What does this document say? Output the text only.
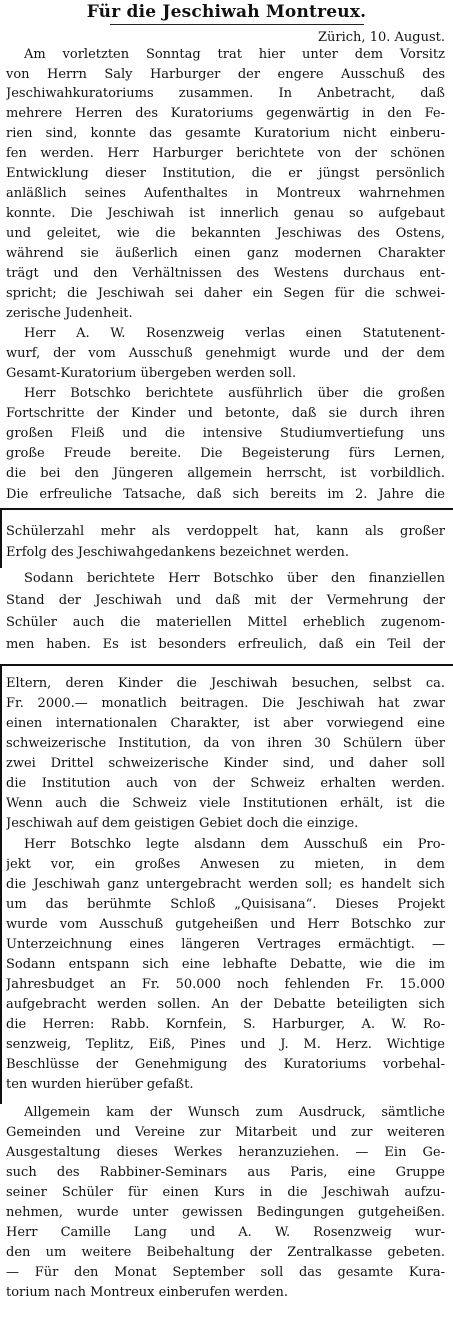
Für die Jeschiwah Montreux.
Zürich, 10. August.
Am vorletzten Sonntag trat hier unter dem Vorsitz
von Herrn Saly Harburger der engere Ausschuß des
Jeschiwahkuratoriums zusammen. In Anbetracht, daß
mehrere Herren des Kuratoriums gegenwärtig in den Fe-
rien sind, konnte das gesamte Kuratorium nicht einberu-
fen werden. Herr Harburger berichtete von der schönen
Entwicklung dieser Institution, die er jüngst persönlich
anläßlich seines Aufenthaltes in Montreux wahrnehmen
konnte. Die Jeschiwah ist innerlich genau so aufgebaut
und geleitet, wie die bekannten Jeschiwas des Ostens,
während sie äußerlich einen ganz modernen Charakter
trägt und den Verhältnissen des Westens durchaus ent-
spricht; die Jeschiwah sei daher ein Segen für die schwei-
zerische Judenheit.
Herr A. W. Rosenzweig verlas einen Statutenent-
wurf, der vom Ausschuß genehmigt wurde und der dem
Gesamt-Kuratorium übergeben werden soll.
Herr Botschko berichtete ausführlich über die großen
Fortschritte der Kinder und betonte, daß sie durch ihren
großen Fleiß und die intensive Studiumvertiefung uns
große Freude bereite. Die Begeisterung fürs Lernen,
die bei den Jüngeren allgemein herrscht, ist vorbildlich.
Die erfreuliche Tatsache, daß sich bereits im 2. Jahre die
Schülerzahl mehr als verdoppelt hat, kann als großer
Erfolg des Jeschiwahgedankens bezeichnet werden.
Sodann berichtete Herr Botschko über den finanziellen
Stand der Jeschiwah und daß mit der Vermehrung der
Schüler auch die materiellen Mittel erheblich zugenom-
men haben. Es ist besonders erfreulich, daß ein Teil der
Eltern, deren Kinder die Jeschiwah besuchen, selbst ca.
Fr. 2000.— monatlich beitragen. Die Jeschiwah hat zwar
einen internationalen Charakter, ist aber vorwiegend eine
schweizerische Institution, da von ihren 30 Schülern über
zwei Drittel schweizerische Kinder sind, und daher soll
die Institution auch von der Schweiz erhalten werden.
Wenn auch die Schweiz viele Institutionen erhält, ist die
Jeschiwah auf dem geistigen Gebiet doch die einzige.
Herr Botschko legte alsdann dem Ausschuß ein Pro-
jekt vor, ein großes Anwesen zu mieten, in dem
die Jeschiwah ganz untergebracht werden soll; es handelt sich
um das berühmte Schloß „Quisisana“. Dieses Projekt
wurde vom Ausschuß gutgeheißen und Herr Botschko zur
Unterzeichnung eines längeren Vertrages ermächtigt. —
Sodann entspann sich eine lebhafte Debatte, wie die im
Jahresbudget an Fr. 50.000 noch fehlenden Fr. 15.000
aufgebracht werden sollen. An der Debatte beteiligten sich
die Herren: Rabb. Kornfein, S. Harburger, A. W. Ro-
senzweig, Teplitz, Eiß, Pines und J. M. Herz. Wichtige
Beschlüsse der Genehmigung des Kuratoriums vorbehal-
ten wurden hierüber gefaßt.
Allgemein kam der Wunsch zum Ausdruck, sämtliche
Gemeinden und Vereine zur Mitarbeit und zur weiteren
Ausgestaltung dieses Werkes heranzuziehen. — Ein Ge-
such des Rabbiner-Seminars aus Paris, eine Gruppe
seiner Schüler für einen Kurs in die Jeschiwah aufzu-
nehmen, wurde unter gewissen Bedingungen gutgeheißen.
Herr Camille Lang und A. W. Rosenzweig wur-
den um weitere Beibehaltung der Zentralkasse gebeten.
— Für den Monat September soll das gesamte Kura-
torium nach Montreux einberufen werden.
